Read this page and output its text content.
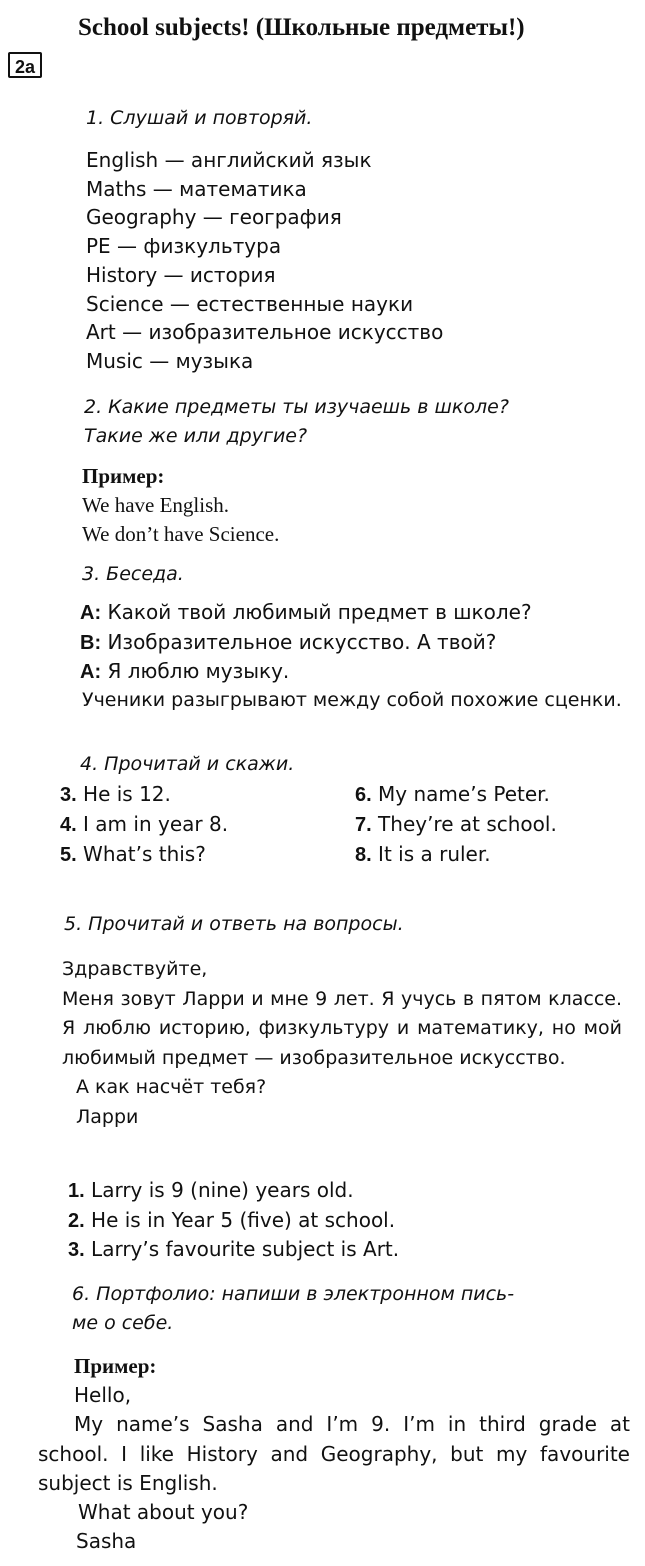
School subjects! (Школьные предметы!)
2a
1. Слушай и повторяй.
English — английский язык
Maths — математика
Geography — география
PE — физкультура
History — история
Science — естественные науки
Art — изобразительное искусство
Music — музыка
2. Какие предметы ты изучаешь в школе?
Такие же или другие?
Пример:
We have English.
We don’t have Science.
3. Беседа.
A: Какой твой любимый предмет в школе?
B: Изобразительное искусство. А твой?
A: Я люблю музыку.
Ученики разыгрывают между собой похожие сценки.
4. Прочитай и скажи.
3. He is 12.	6. My name’s Peter.
4. I am in year 8.	7. They’re at school.
5. What’s this?	8. It is a ruler.
5. Прочитай и ответь на вопросы.
Здравствуйте,
Меня зовут Ларри и мне 9 лет. Я учусь в пятом классе. Я люблю историю, физкультуру и математику, но мой любимый предмет — изобразительное искусство.
А как насчёт тебя?
Ларри
1. Larry is 9 (nine) years old.
2. He is in Year 5 (five) at school.
3. Larry’s favourite subject is Art.
6. Портфолио: напиши в электронном пись-
ме о себе.
Пример:
Hello,
My name’s Sasha and I’m 9. I’m in third grade at school. I like History and Geography, but my favourite subject is English.
What about you?
Sasha
